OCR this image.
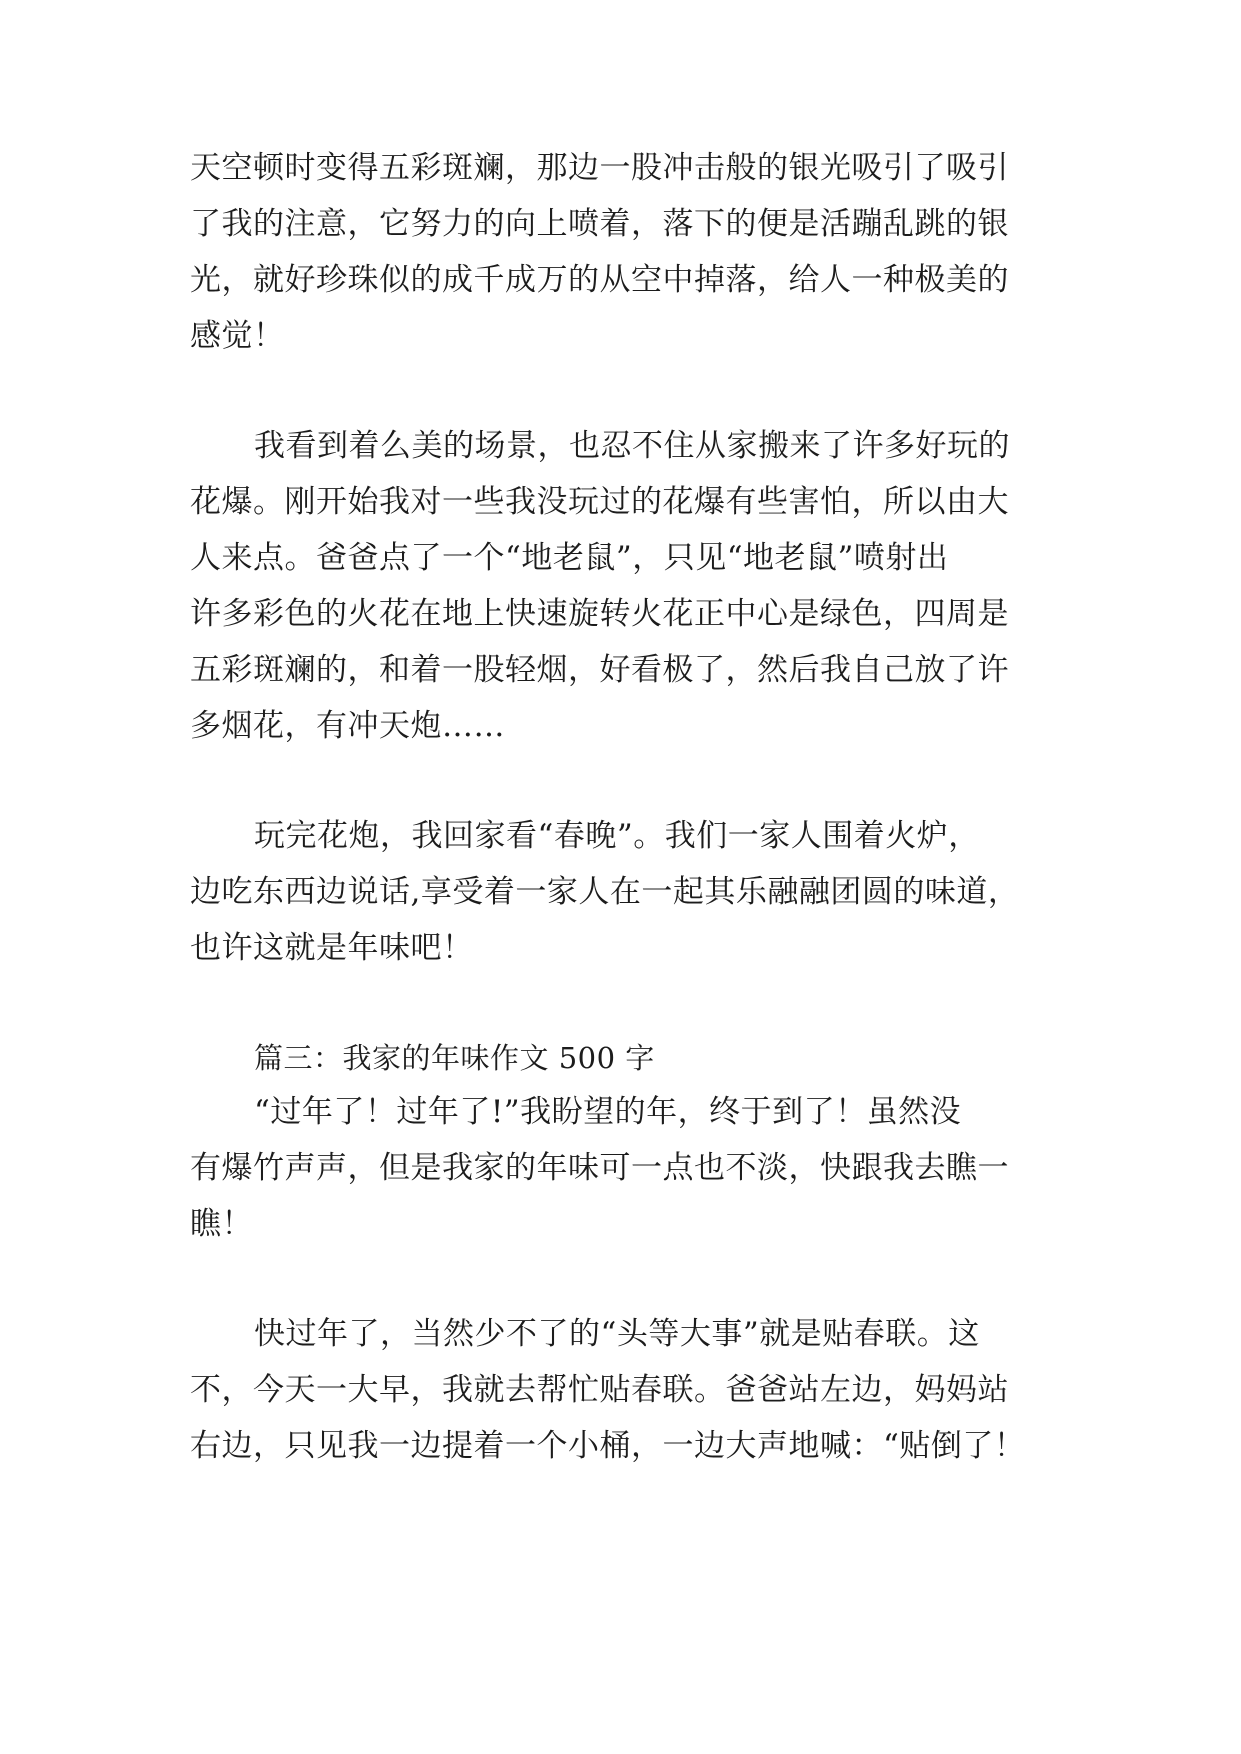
天空顿时变得五彩斑斓，那边一股冲击般的银光吸引了吸引
了我的注意，它努力的向上喷着，落下的便是活蹦乱跳的银
光，就好珍珠似的成千成万的从空中掉落，给人一种极美的
感觉！
我看到着么美的场景，也忍不住从家搬来了许多好玩的
花爆。刚开始我对一些我没玩过的花爆有些害怕，所以由大
人来点。爸爸点了一个“地老鼠”，只见“地老鼠”喷射出
许多彩色的火花在地上快速旋转火花正中心是绿色，四周是
五彩斑斓的，和着一股轻烟，好看极了，然后我自己放了许
多烟花，有冲天炮……
玩完花炮，我回家看“春晚”。我们一家人围着火炉，
边吃东西边说话,享受着一家人在一起其乐融融团圆的味道，
也许这就是年味吧！
篇三：我家的年味作文 500 字
“过年了！过年了!”我盼望的年，终于到了！虽然没
有爆竹声声，但是我家的年味可一点也不淡，快跟我去瞧一
瞧！
快过年了，当然少不了的“头等大事”就是贴春联。这
不，今天一大早，我就去帮忙贴春联。爸爸站左边，妈妈站
右边，只见我一边提着一个小桶，一边大声地喊：“贴倒了！
